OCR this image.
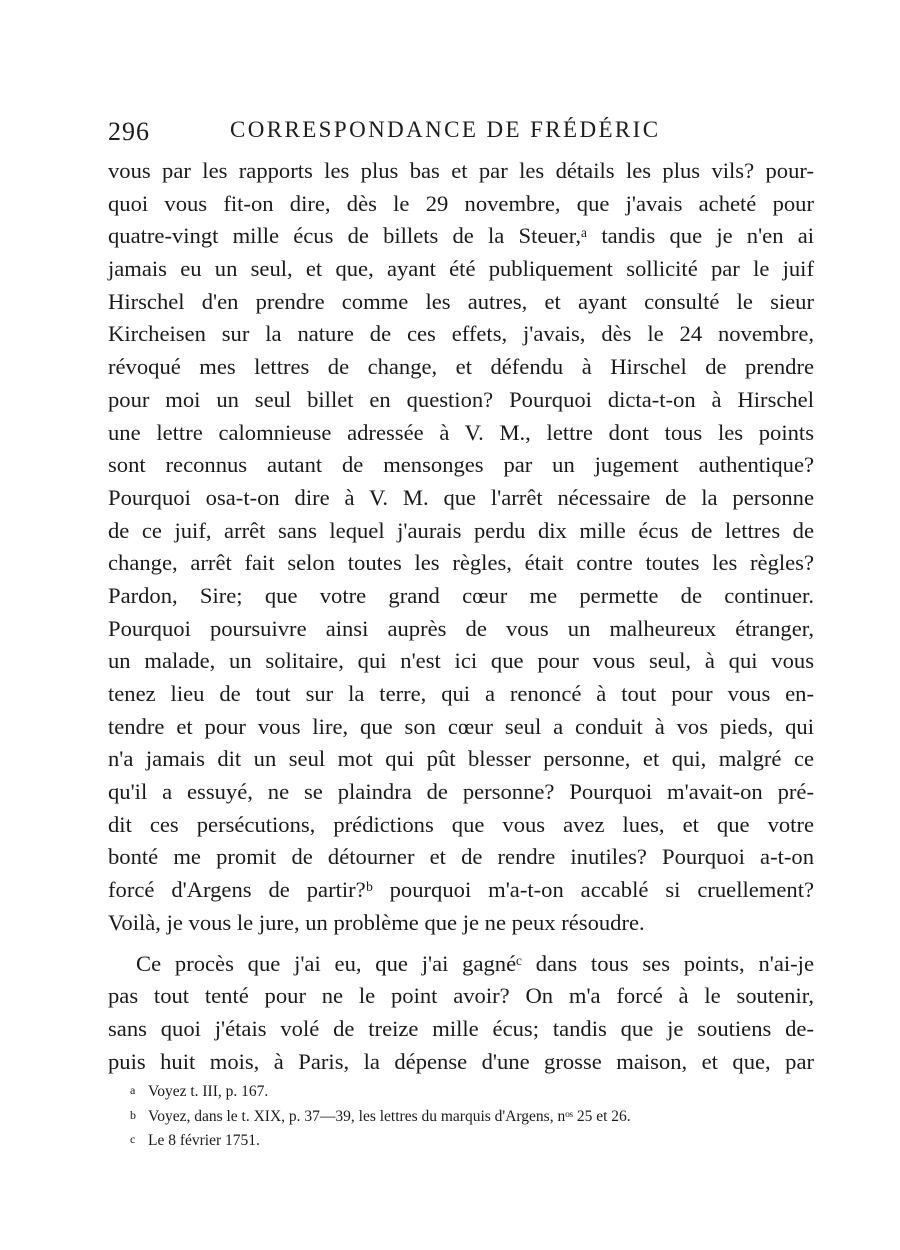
296	CORRESPONDANCE DE FRÉDÉRIC
vous par les rapports les plus bas et par les détails les plus vils? pour-
quoi vous fit-on dire, dès le 29 novembre, que j'avais acheté pour
quatre-vingt mille écus de billets de la Steuer,ᵃ tandis que je n'en ai
jamais eu un seul, et que, ayant été publiquement sollicité par le juif
Hirschel d'en prendre comme les autres, et ayant consulté le sieur
Kircheisen sur la nature de ces effets, j'avais, dès le 24 novembre,
révoqué mes lettres de change, et défendu à Hirschel de prendre
pour moi un seul billet en question? Pourquoi dicta-t-on à Hirschel
une lettre calomnieuse adressée à V. M., lettre dont tous les points
sont reconnus autant de mensonges par un jugement authentique?
Pourquoi osa-t-on dire à V. M. que l'arrêt nécessaire de la personne
de ce juif, arrêt sans lequel j'aurais perdu dix mille écus de lettres de
change, arrêt fait selon toutes les règles, était contre toutes les règles?
Pardon, Sire; que votre grand cœur me permette de continuer.
Pourquoi poursuivre ainsi auprès de vous un malheureux étranger,
un malade, un solitaire, qui n'est ici que pour vous seul, à qui vous
tenez lieu de tout sur la terre, qui a renoncé à tout pour vous en-
tendre et pour vous lire, que son cœur seul a conduit à vos pieds, qui
n'a jamais dit un seul mot qui pût blesser personne, et qui, malgré ce
qu'il a essuyé, ne se plaindra de personne? Pourquoi m'avait-on pré-
dit ces persécutions, prédictions que vous avez lues, et que votre
bonté me promit de détourner et de rendre inutiles? Pourquoi a-t-on
forcé d'Argens de partir?ᵇ pourquoi m'a-t-on accablé si cruellement?
Voilà, je vous le jure, un problème que je ne peux résoudre.
Ce procès que j'ai eu, que j'ai gagnéᶜ dans tous ses points, n'ai-je
pas tout tenté pour ne le point avoir? On m'a forcé à le soutenir,
sans quoi j'étais volé de treize mille écus; tandis que je soutiens de-
puis huit mois, à Paris, la dépense d'une grosse maison, et que, par
a Voyez t. III, p. 167.
b Voyez, dans le t. XIX, p. 37—39, les lettres du marquis d'Argens, nᵒˢ 25 et 26.
c Le 8 février 1751.
